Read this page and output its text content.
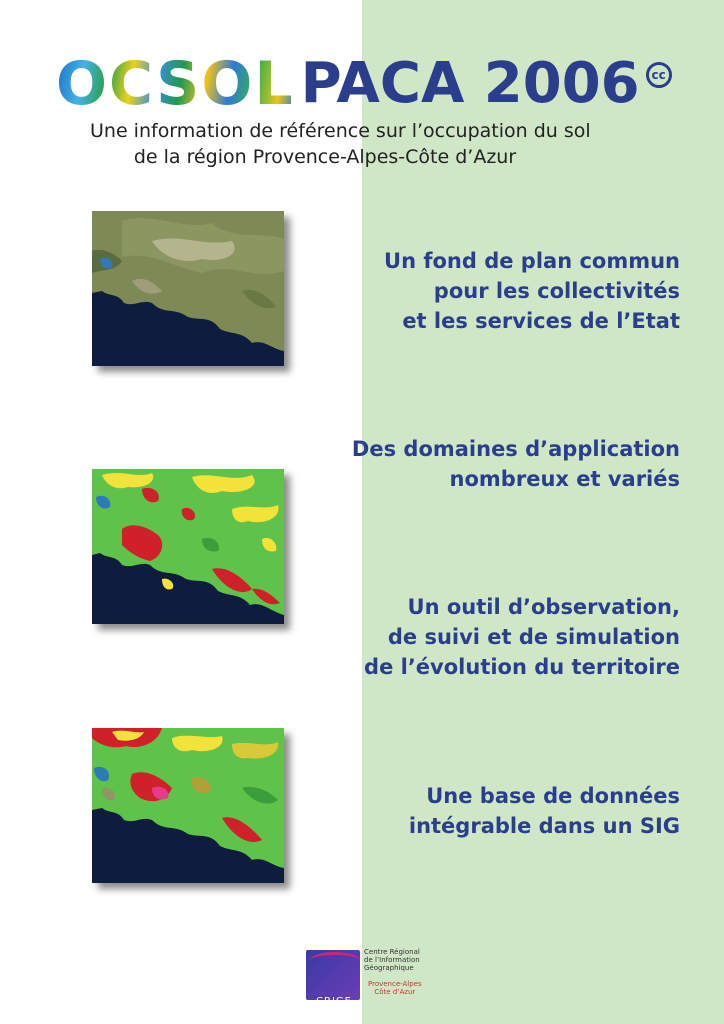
OCSOL PACA 2006 cc
Une information de référence sur l’occupation du sol
de la région Provence-Alpes-Côte d’Azur
Un fond de plan commun
pour les collectivités
et les services de l’Etat
Des domaines d’application
nombreux et variés
Un outil d’observation,
de suivi et de simulation
de l’évolution du territoire
Une base de données
intégrable dans un SIG
CRIGE
Centre Régional
de l’Information
Géographique
Provence-Alpes
Côte d’Azur
